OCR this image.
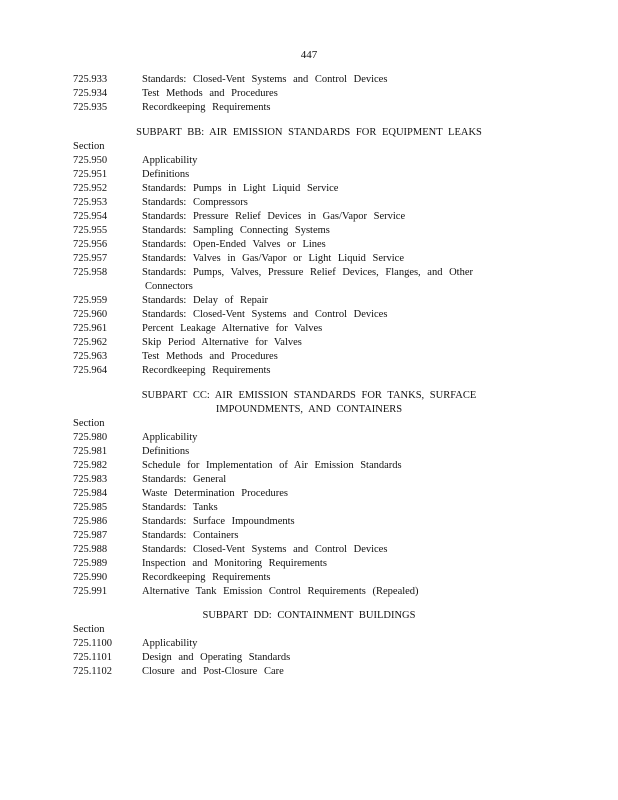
447
725.933	Standards: Closed-Vent Systems and Control Devices
725.934	Test Methods and Procedures
725.935	Recordkeeping Requirements
SUBPART BB: AIR EMISSION STANDARDS FOR EQUIPMENT LEAKS
Section
725.950	Applicability
725.951	Definitions
725.952	Standards: Pumps in Light Liquid Service
725.953	Standards: Compressors
725.954	Standards: Pressure Relief Devices in Gas/Vapor Service
725.955	Standards: Sampling Connecting Systems
725.956	Standards: Open-Ended Valves or Lines
725.957	Standards: Valves in Gas/Vapor or Light Liquid Service
725.958	Standards: Pumps, Valves, Pressure Relief Devices, Flanges, and Other
Connectors
725.959	Standards: Delay of Repair
725.960	Standards: Closed-Vent Systems and Control Devices
725.961	Percent Leakage Alternative for Valves
725.962	Skip Period Alternative for Valves
725.963	Test Methods and Procedures
725.964	Recordkeeping Requirements
SUBPART CC: AIR EMISSION STANDARDS FOR TANKS, SURFACE
IMPOUNDMENTS, AND CONTAINERS
Section
725.980	Applicability
725.981	Definitions
725.982	Schedule for Implementation of Air Emission Standards
725.983	Standards: General
725.984	Waste Determination Procedures
725.985	Standards: Tanks
725.986	Standards: Surface Impoundments
725.987	Standards: Containers
725.988	Standards: Closed-Vent Systems and Control Devices
725.989	Inspection and Monitoring Requirements
725.990	Recordkeeping Requirements
725.991	Alternative Tank Emission Control Requirements (Repealed)
SUBPART DD: CONTAINMENT BUILDINGS
Section
725.1100	Applicability
725.1101	Design and Operating Standards
725.1102	Closure and Post-Closure Care
